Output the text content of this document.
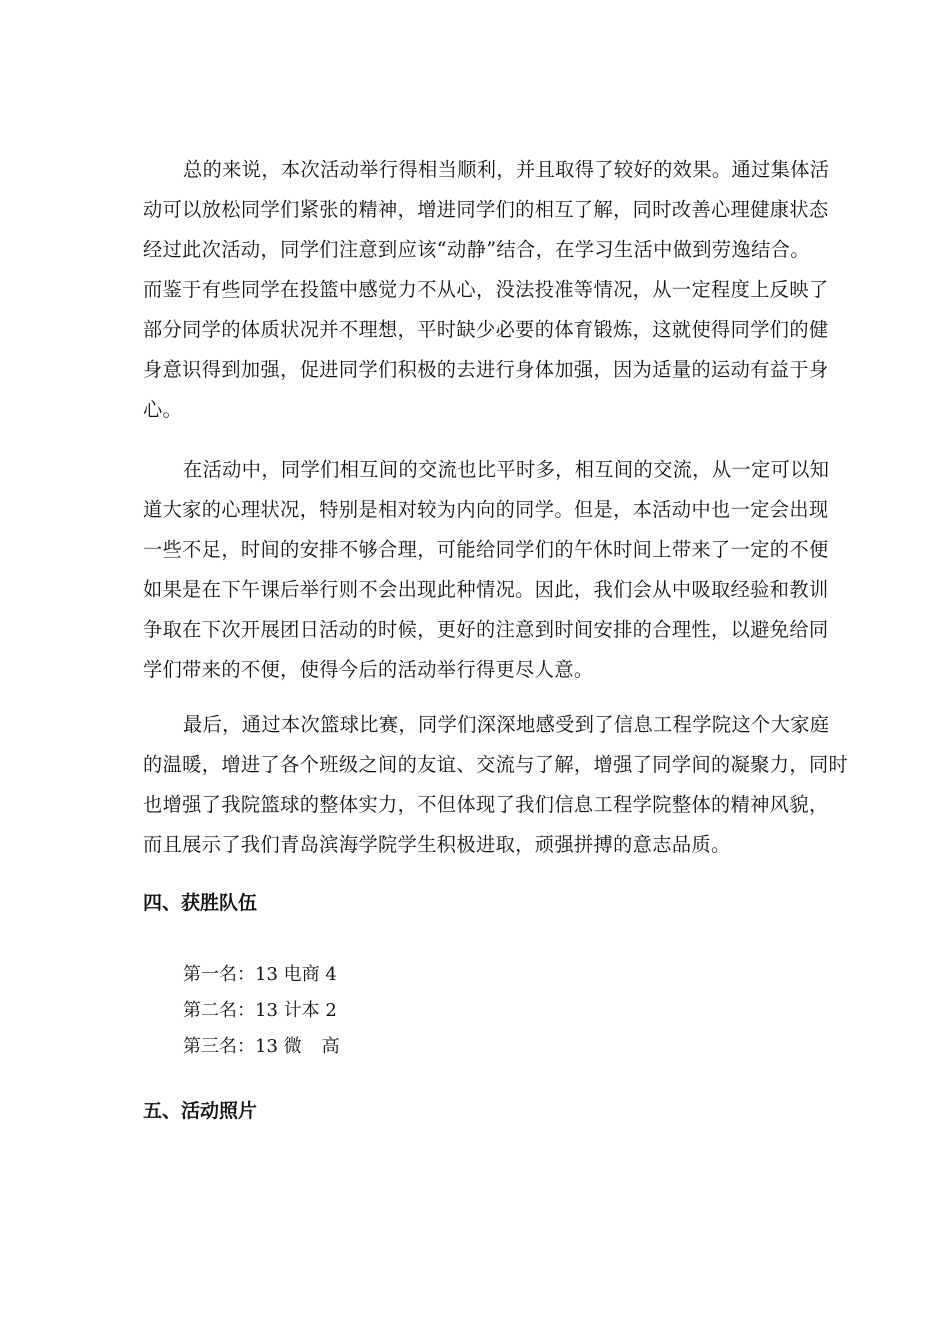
总的来说，本次活动举行得相当顺利，并且取得了较好的效果。通过集体活
动可以放松同学们紧张的精神，增进同学们的相互了解，同时改善心理健康状态
经过此次活动，同学们注意到应该“动静”结合，在学习生活中做到劳逸结合。
而鉴于有些同学在投篮中感觉力不从心，没法投准等情况，从一定程度上反映了
部分同学的体质状况并不理想，平时缺少必要的体育锻炼，这就使得同学们的健
身意识得到加强，促进同学们积极的去进行身体加强，因为适量的运动有益于身
心。

在活动中，同学们相互间的交流也比平时多，相互间的交流，从一定可以知
道大家的心理状况，特别是相对较为内向的同学。但是，本活动中也一定会出现
一些不足，时间的安排不够合理，可能给同学们的午休时间上带来了一定的不便
如果是在下午课后举行则不会出现此种情况。因此，我们会从中吸取经验和教训
争取在下次开展团日活动的时候，更好的注意到时间安排的合理性，以避免给同
学们带来的不便，使得今后的活动举行得更尽人意。

最后，通过本次篮球比赛，同学们深深地感受到了信息工程学院这个大家庭
的温暖，增进了各个班级之间的友谊、交流与了解，增强了同学间的凝聚力，同时
也增强了我院篮球的整体实力，不但体现了我们信息工程学院整体的精神风貌，
而且展示了我们青岛滨海学院学生积极进取，顽强拼搏的意志品质。

四、获胜队伍
第一名：13 电商 4
第二名：13 计本 2
第三名：13 微 高
五、活动照片
